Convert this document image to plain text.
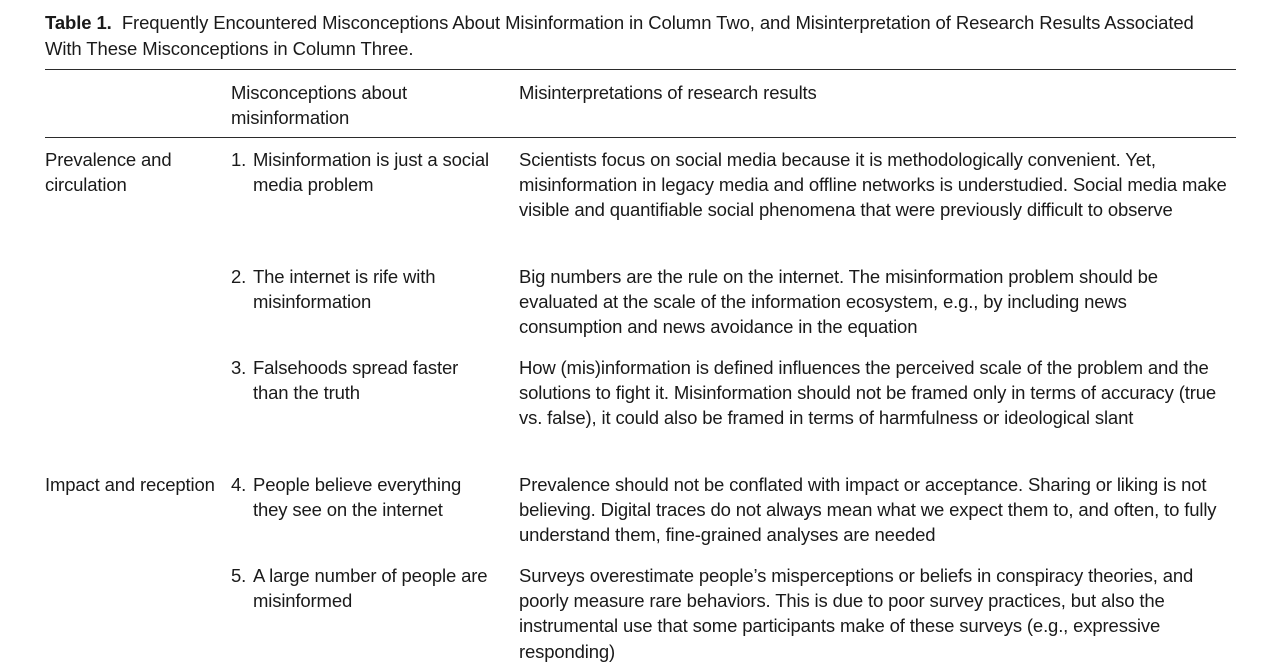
Table 1. Frequently Encountered Misconceptions About Misinformation in Column Two, and Misinterpretation of Research Results Associated With These Misconceptions in Column Three.
Misconceptions about misinformation
Misinterpretations of research results
Prevalence and circulation
1. Misinformation is just a social media problem
Scientists focus on social media because it is methodologically convenient. Yet, misinformation in legacy media and offline networks is understudied. Social media make visible and quantifiable social phenomena that were previously difficult to observe
2. The internet is rife with misinformation
Big numbers are the rule on the internet. The misinformation problem should be evaluated at the scale of the information ecosystem, e.g., by including news consumption and news avoidance in the equation
3. Falsehoods spread faster than the truth
How (mis)information is defined influences the perceived scale of the problem and the solutions to fight it. Misinformation should not be framed only in terms of accuracy (true vs. false), it could also be framed in terms of harmfulness or ideological slant
Impact and reception 4. People believe everything they see on the internet
Prevalence should not be conflated with impact or acceptance. Sharing or liking is not believing. Digital traces do not always mean what we expect them to, and often, to fully understand them, fine-grained analyses are needed
5. A large number of people are misinformed
Surveys overestimate people’s misperceptions or beliefs in conspiracy theories, and poorly measure rare behaviors. This is due to poor survey practices, but also the instrumental use that some participants make of these surveys (e.g., expressive responding)
